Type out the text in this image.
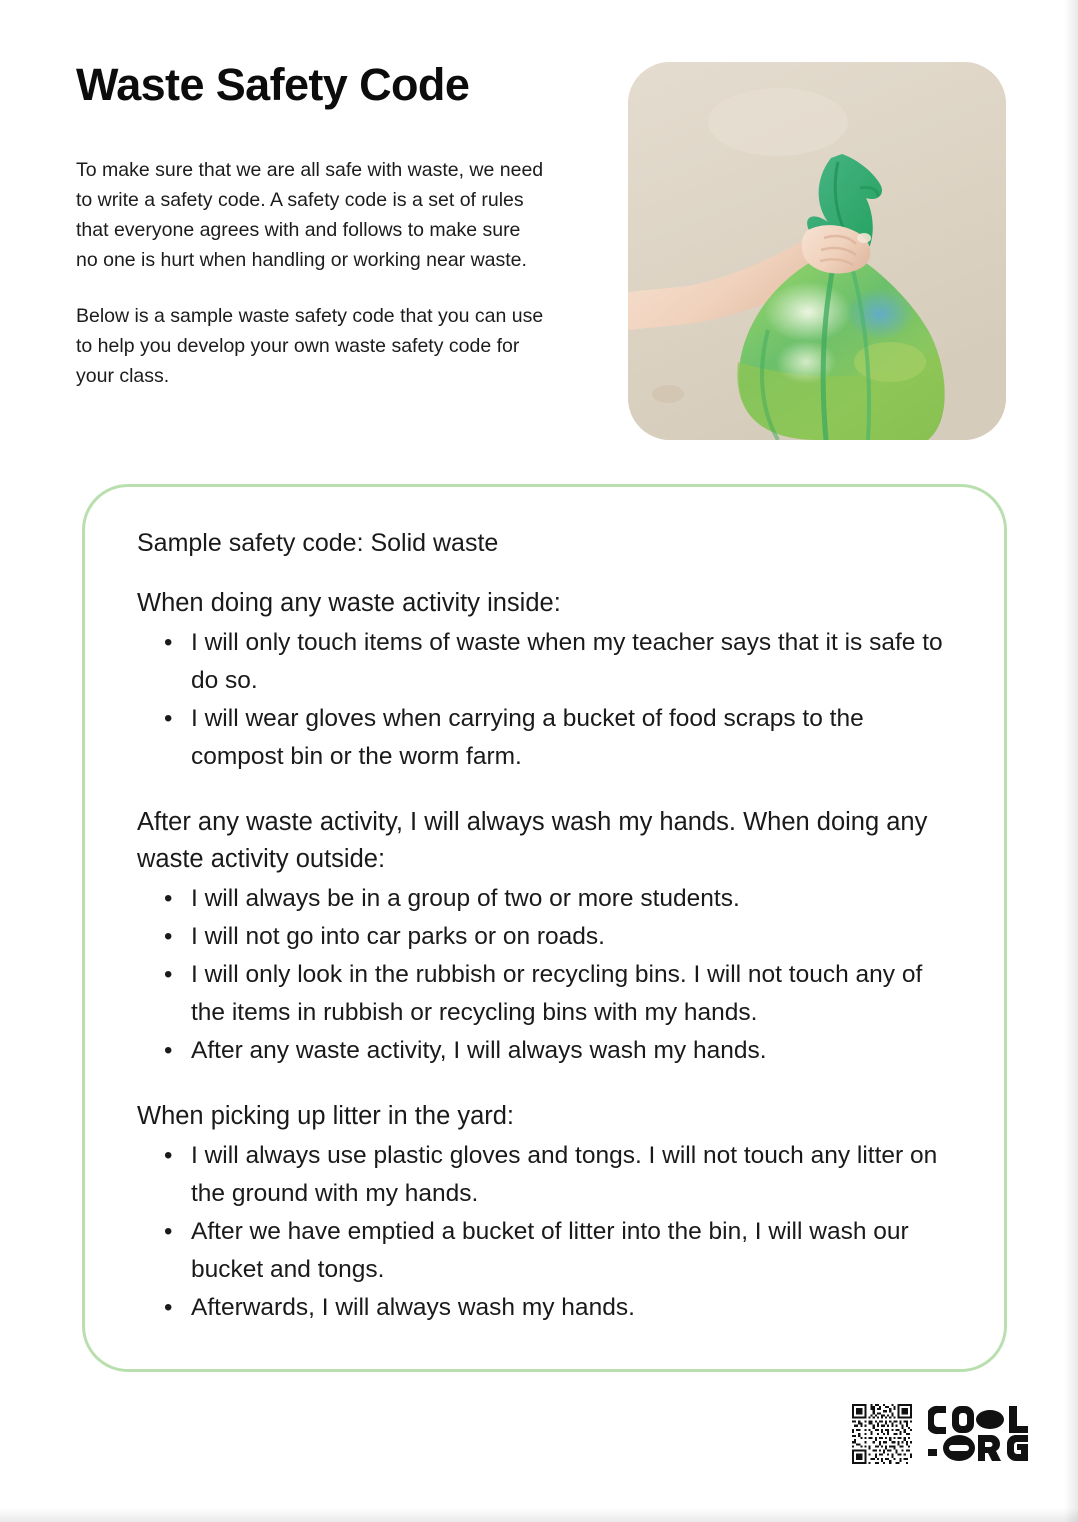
Waste Safety Code

To make sure that we are all safe with waste, we need to write a safety code. A safety code is a set of rules that everyone agrees with and follows to make sure no one is hurt when handling or working near waste.

Below is a sample waste safety code that you can use to help you develop your own waste safety code for your class.

Sample safety code: Solid waste

When doing any waste activity inside:

• I will only touch items of waste when my teacher says that it is safe to do so.
• I will wear gloves when carrying a bucket of food scraps to the compost bin or the worm farm.

After any waste activity, I will always wash my hands. When doing any waste activity outside:

• I will always be in a group of two or more students.
• I will not go into car parks or on roads.
• I will only look in the rubbish or recycling bins. I will not touch any of the items in rubbish or recycling bins with my hands.
• After any waste activity, I will always wash my hands.

When picking up litter in the yard:

• I will always use plastic gloves and tongs. I will not touch any litter on the ground with my hands.
• After we have emptied a bucket of litter into the bin, I will wash our bucket and tongs.
• Afterwards, I will always wash my hands.
